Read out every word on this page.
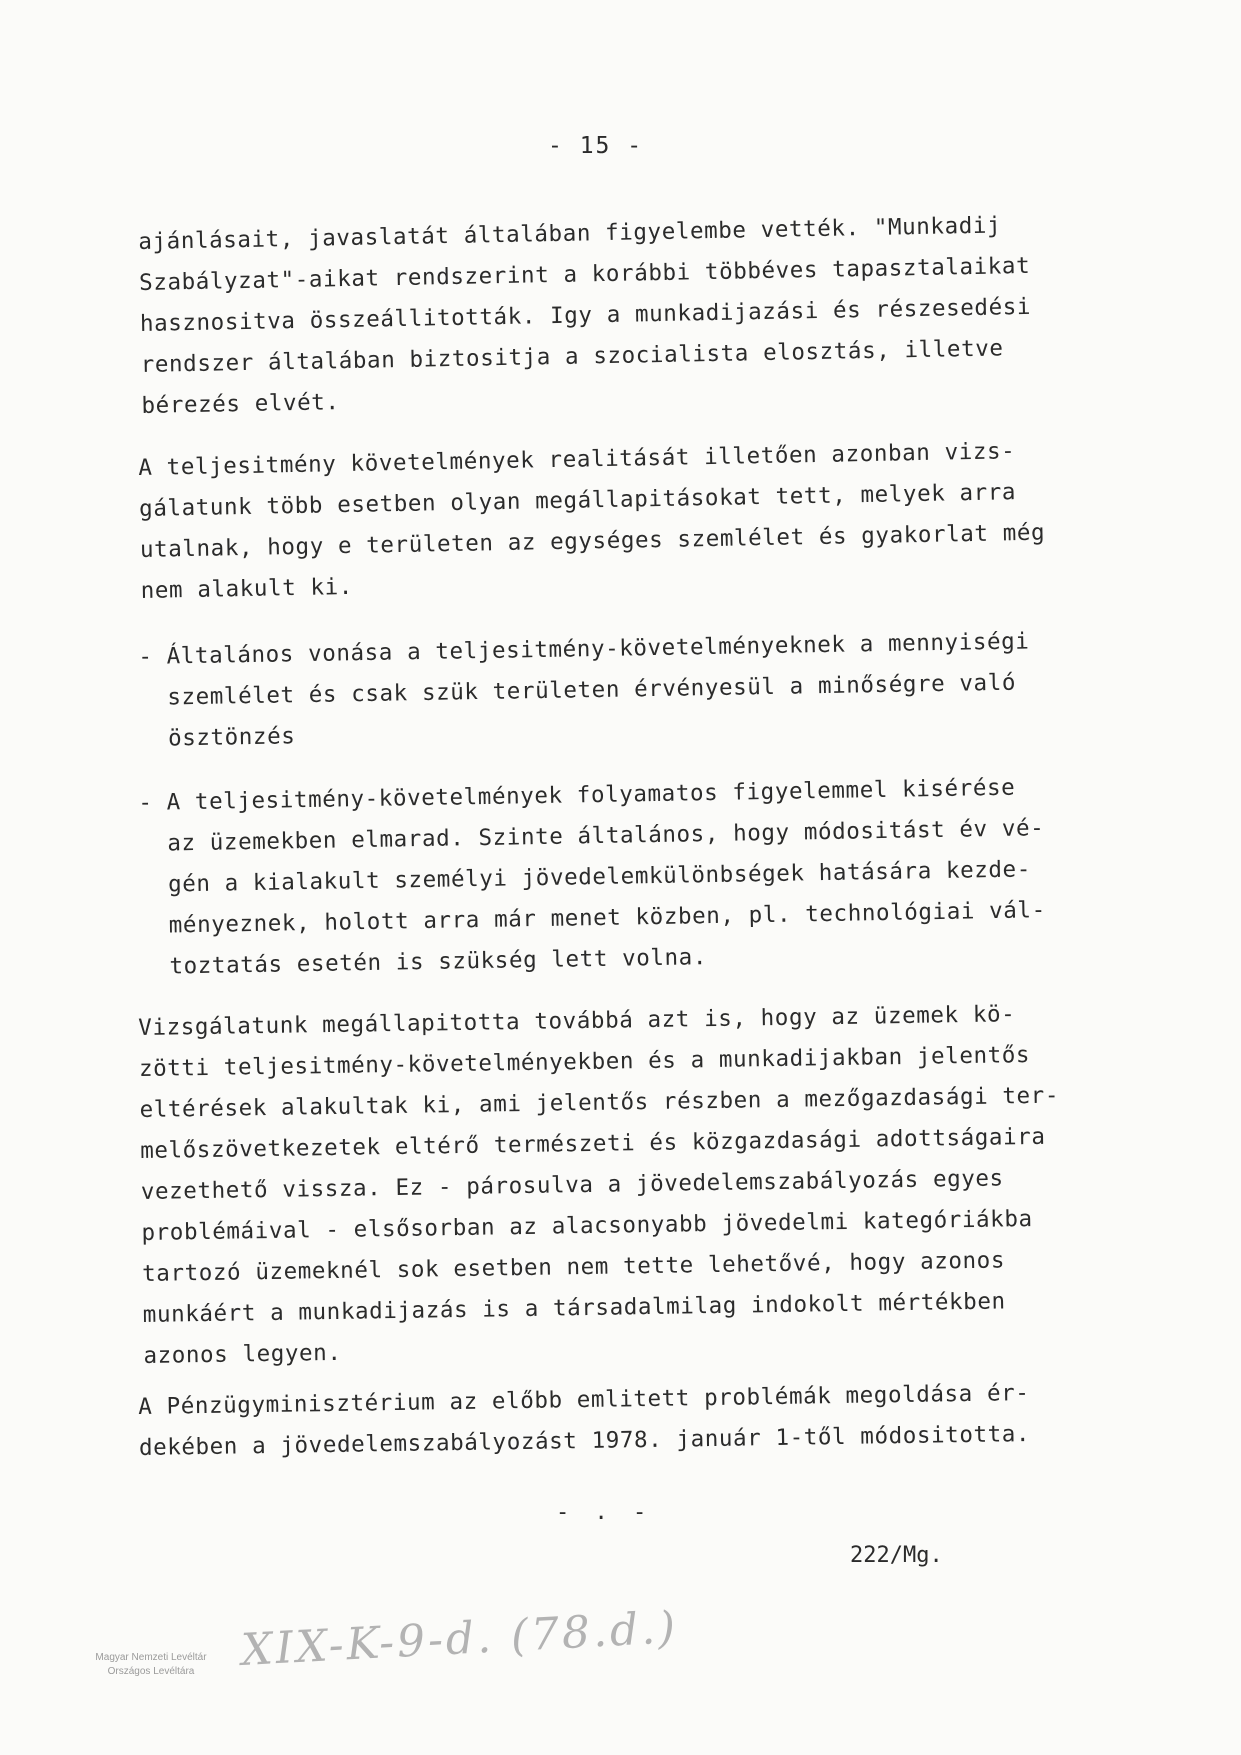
- 15 -
ajánlásait, javaslatát általában figyelembe vették. "Munkadij
Szabályzat"-aikat rendszerint a korábbi többéves tapasztalaikat
hasznositva összeállitották. Igy a munkadijazási és részesedési
rendszer általában biztositja a szocialista elosztás, illetve
bérezés elvét.
A teljesitmény követelmények realitását illetően azonban vizs-
gálatunk több esetben olyan megállapitásokat tett, melyek arra
utalnak, hogy e területen az egységes szemlélet és gyakorlat még
nem alakult ki.
- Általános vonása a teljesitmény-követelményeknek a mennyiségi
szemlélet és csak szük területen érvényesül a minőségre való
ösztönzés
- A teljesitmény-követelmények folyamatos figyelemmel kisérése
az üzemekben elmarad. Szinte általános, hogy módositást év vé-
gén a kialakult személyi jövedelemkülönbségek hatására kezde-
ményeznek, holott arra már menet közben, pl. technológiai vál-
toztatás esetén is szükség lett volna.
Vizsgálatunk megállapitotta továbbá azt is, hogy az üzemek kö-
zötti teljesitmény-követelményekben és a munkadijakban jelentős
eltérések alakultak ki, ami jelentős részben a mezőgazdasági ter-
melőszövetkezetek eltérő természeti és közgazdasági adottságaira
vezethető vissza. Ez - párosulva a jövedelemszabályozás egyes
problémáival - elsősorban az alacsonyabb jövedelmi kategóriákba
tartozó üzemeknél sok esetben nem tette lehetővé, hogy azonos
munkáért a munkadijazás is a társadalmilag indokolt mértékben
azonos legyen.
A Pénzügyminisztérium az előbb emlitett problémák megoldása ér-
dekében a jövedelemszabályozást 1978. január 1-től módositotta.
- . -
222/Mg.
Magyar Nemzeti Levéltár
Országos Levéltára	XIX-K-9-d. (78.d.)
